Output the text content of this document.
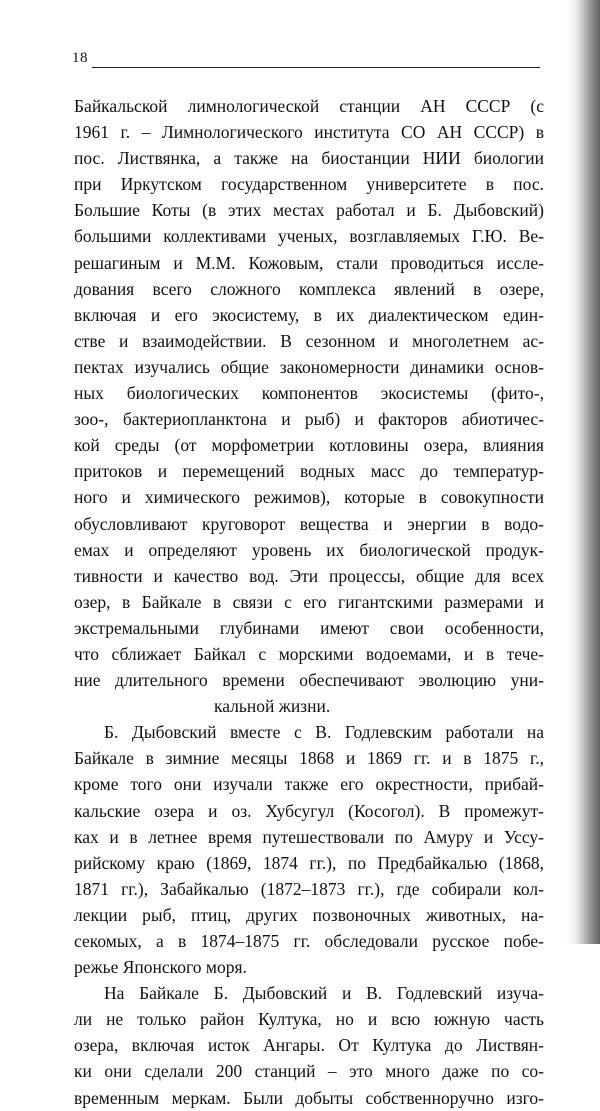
18
Байкальской лимнологической станции АН СССР (с
1961 г. – Лимнологического института СО АН СССР) в
пос. Листвянка, а также на биостанции НИИ биологии
при Иркутском государственном университете в пос.
Большие Коты (в этих местах работал и Б. Дыбовский)
большими коллективами ученых, возглавляемых Г.Ю. Ве-
решагиным и М.М. Кожовым, стали проводиться иссле-
дования всего сложного комплекса явлений в озере,
включая и его экосистему, в их диалектическом един-
стве и взаимодействии. В сезонном и многолетнем ас-
пектах изучались общие закономерности динамики основ-
ных биологических компонентов экосистемы (фито-,
зоо-, бактериопланктона и рыб) и факторов абиотичес-
кой среды (от морфометрии котловины озера, влияния
притоков и перемещений водных масс до температур-
ного и химического режимов), которые в совокупности
обусловливают круговорот вещества и энергии в водо-
емах и определяют уровень их биологической продук-
тивности и качество вод. Эти процессы, общие для всех
озер, в Байкале в связи с его гигантскими размерами и
экстремальными глубинами имеют свои особенности,
что сближает Байкал с морскими водоемами, и в тече-
ние длительного времени обеспечивают эволюцию уни-
кальной жизни.
Б. Дыбовский вместе с В. Годлевским работали на
Байкале в зимние месяцы 1868 и 1869 гг. и в 1875 г.,
кроме того они изучали также его окрестности, прибай-
кальские озера и оз. Хубсугул (Косогол). В промежут-
ках и в летнее время путешествовали по Амуру и Уссу-
рийскому краю (1869, 1874 гг.), по Предбайкалью (1868,
1871 гг.), Забайкалью (1872–1873 гг.), где собирали кол-
лекции рыб, птиц, других позвоночных животных, на-
секомых, а в 1874–1875 гг. обследовали русское побе-
режье Японского моря.
На Байкале Б. Дыбовский и В. Годлевский изуча-
ли не только район Култука, но и всю южную часть
озера, включая исток Ангары. От Култука до Листвян-
ки они сделали 200 станций – это много даже по со-
временным меркам. Были добыты собственноручно изго-
